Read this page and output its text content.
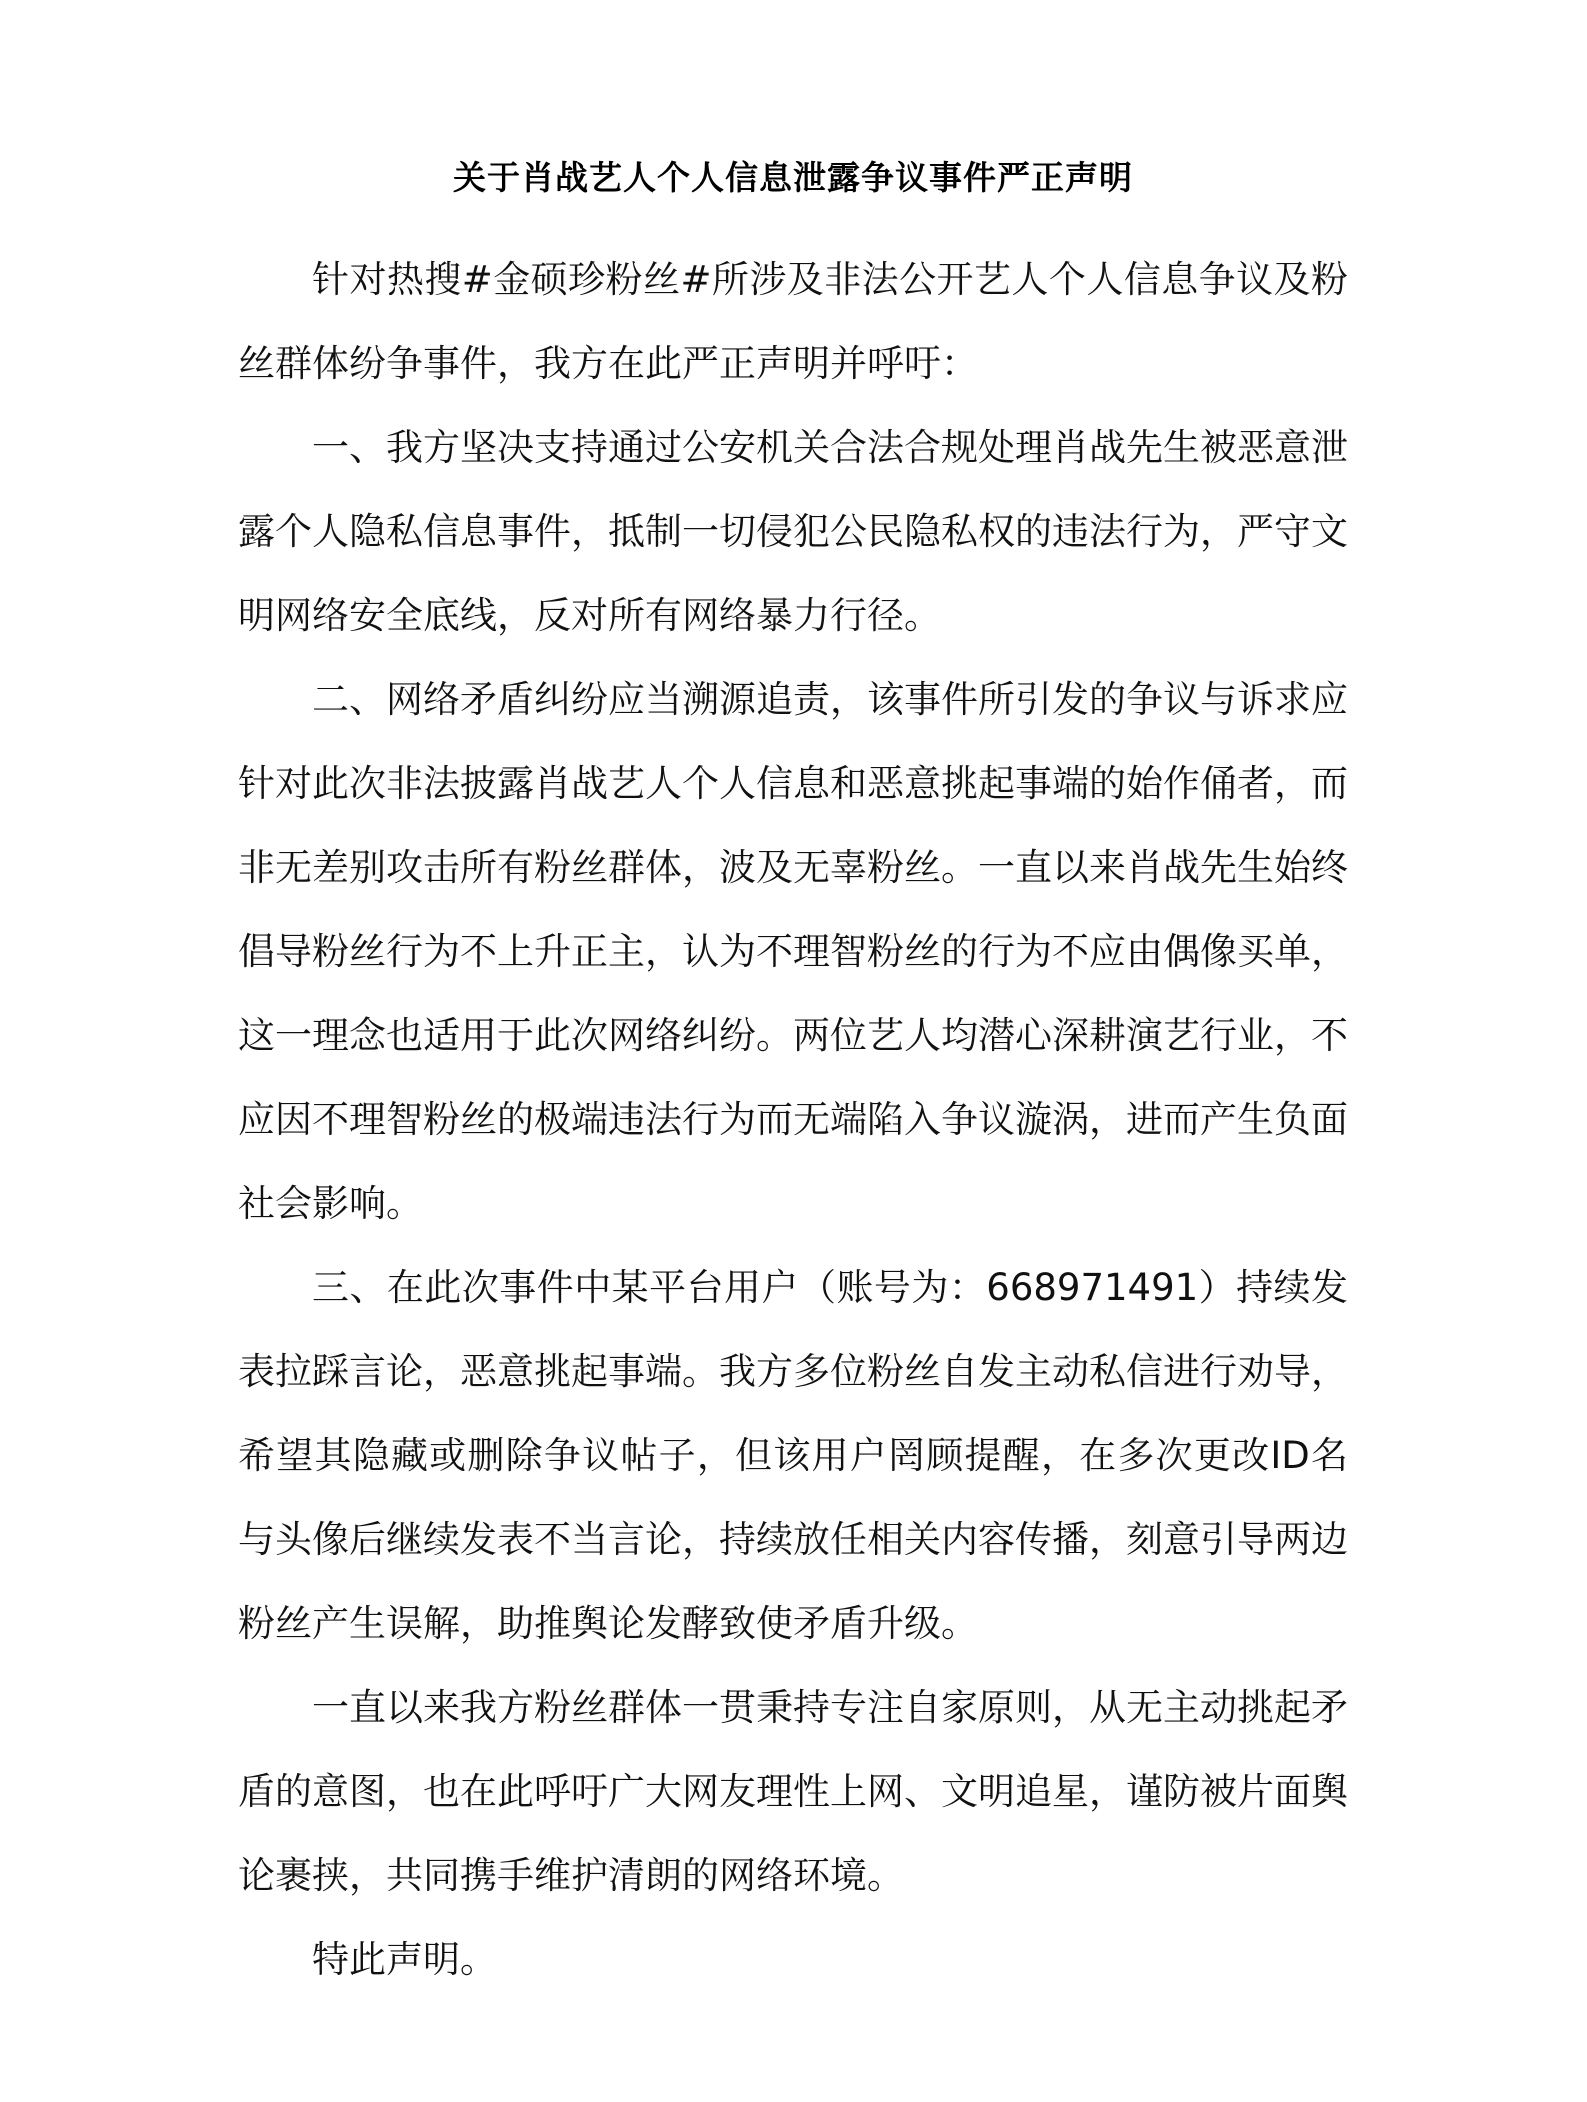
关于肖战艺人个人信息泄露争议事件严正声明

针对热搜#金硕珍粉丝#所涉及非法公开艺人个人信息争议及粉丝群体纷争事件，我方在此严正声明并呼吁：

一、我方坚决支持通过公安机关合法合规处理肖战先生被恶意泄露个人隐私信息事件，抵制一切侵犯公民隐私权的违法行为，严守文明网络安全底线，反对所有网络暴力行径。

二、网络矛盾纠纷应当溯源追责，该事件所引发的争议与诉求应针对此次非法披露肖战艺人个人信息和恶意挑起事端的始作俑者，而非无差别攻击所有粉丝群体，波及无辜粉丝。一直以来肖战先生始终倡导粉丝行为不上升正主，认为不理智粉丝的行为不应由偶像买单，这一理念也适用于此次网络纠纷。两位艺人均潜心深耕演艺行业，不应因不理智粉丝的极端违法行为而无端陷入争议漩涡，进而产生负面社会影响。

三、在此次事件中某平台用户（账号为：668971491）持续发表拉踩言论，恶意挑起事端。我方多位粉丝自发主动私信进行劝导，希望其隐藏或删除争议帖子，但该用户罔顾提醒，在多次更改ID名与头像后继续发表不当言论，持续放任相关内容传播，刻意引导两边粉丝产生误解，助推舆论发酵致使矛盾升级。

一直以来我方粉丝群体一贯秉持专注自家原则，从无主动挑起矛盾的意图，也在此呼吁广大网友理性上网、文明追星，谨防被片面舆论裹挟，共同携手维护清朗的网络环境。

特此声明。
